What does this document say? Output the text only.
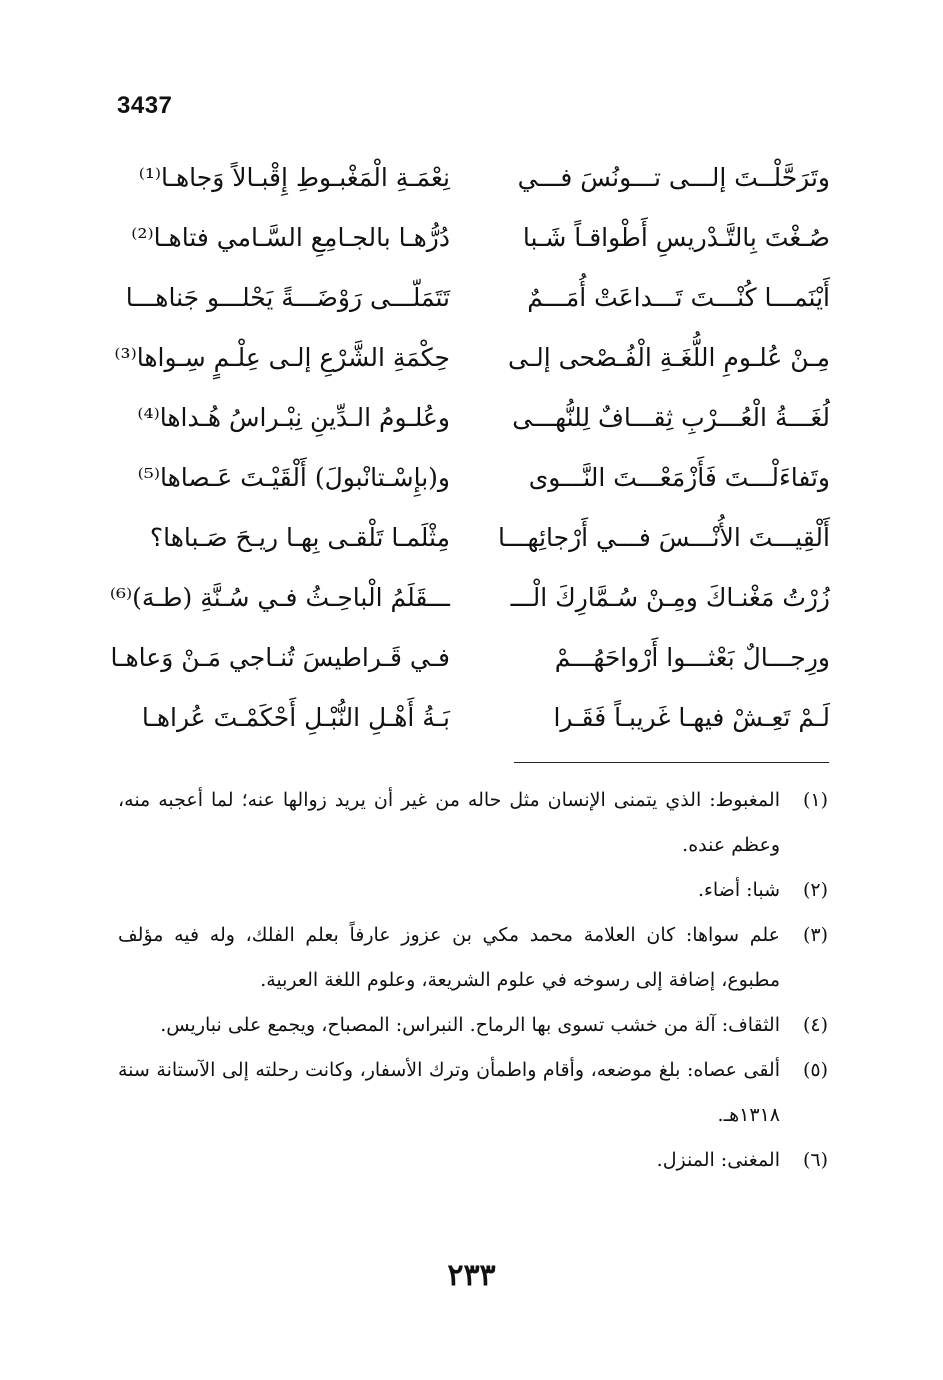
3437
وتَرَحَّلْــتَ إلـــى تـــونُسَ فـــي
نِعْمَـةِ الْمَغْبـوطِ إِقْبـالاً وَجاهـا⁽¹⁾
صُـغْتَ بِالتَّـدْريسِ أَطْواقـاً شَـبا
دُرُّهـا بالجـامِعِ السَّـامي فتاهـا⁽²⁾
أَيْنَمـــا كُنْـــتَ تَـــداعَتْ أُمَـــمٌ
تَتَمَلّـــى رَوْضَـــةً يَحْلـــو جَناهـــا
مِـنْ عُلـومِ اللُّغَـةِ الْفُـصْحى إلـى
حِكْمَةِ الشَّرْعِ إلـى عِلْـمٍ سِـواها⁽³⁾
لُغَـــةُ الْعُـــرْبِ ثِقـــافٌ لِلنُّهـــى
وعُلـومُ الـدِّينِ نِبْـراسُ هُـداها⁽⁴⁾
وتَفاءَلْـــتَ فَأَزْمَعْـــتَ النَّـــوى
و(بإِسْـتانْبولَ) أَلْقَيْـتَ عَـصاها⁽⁵⁾
أَلْقِيـــتَ الأُنْـــسَ فـــي أَرْجائِهـــا
مِثْلَمـا تَلْقـى بِهـا ريـحَ صَـباها؟
زُرْتُ مَغْنـاكَ ومِـنْ سُـمَّارِكَ الْـــ
ـــقَلَمُ الْباحِـثُ فـي سُـنَّةِ (طـهَ)⁽⁶⁾
ورِجـــالٌ بَعْثـــوا أَرْواحَهُـــمْ
فـي قَـراطيسَ تُنـاجي مَـنْ وَعاهـا
لَـمْ تَعِـشْ فيهـا غَريبـاً فَقَـرا
بَـةُ أَهْـلِ النُّبْـلِ أَحْكَمْـتَ عُراهـا
(١)
المغبوط: الذي يتمنى الإنسان مثل حاله من غير أن يريد زوالها عنه؛ لما أعجبه منه، وعظم عنده.
(٢)
شبا: أضاء.
(٣)
علم سواها: كان العلامة محمد مكي بن عزوز عارفاً بعلم الفلك، وله فيه مؤلف مطبوع، إضافة إلى رسوخه في علوم الشريعة، وعلوم اللغة العربية.
(٤)
الثقاف: آلة من خشب تسوى بها الرماح. النبراس: المصباح، ويجمع على نباريس.
(٥)
ألقى عصاه: بلغ موضعه، وأقام واطمأن وترك الأسفار، وكانت رحلته إلى الآستانة سنة ١٣١٨هـ.
(٦)
المغنى: المنزل.
٢٣٣
